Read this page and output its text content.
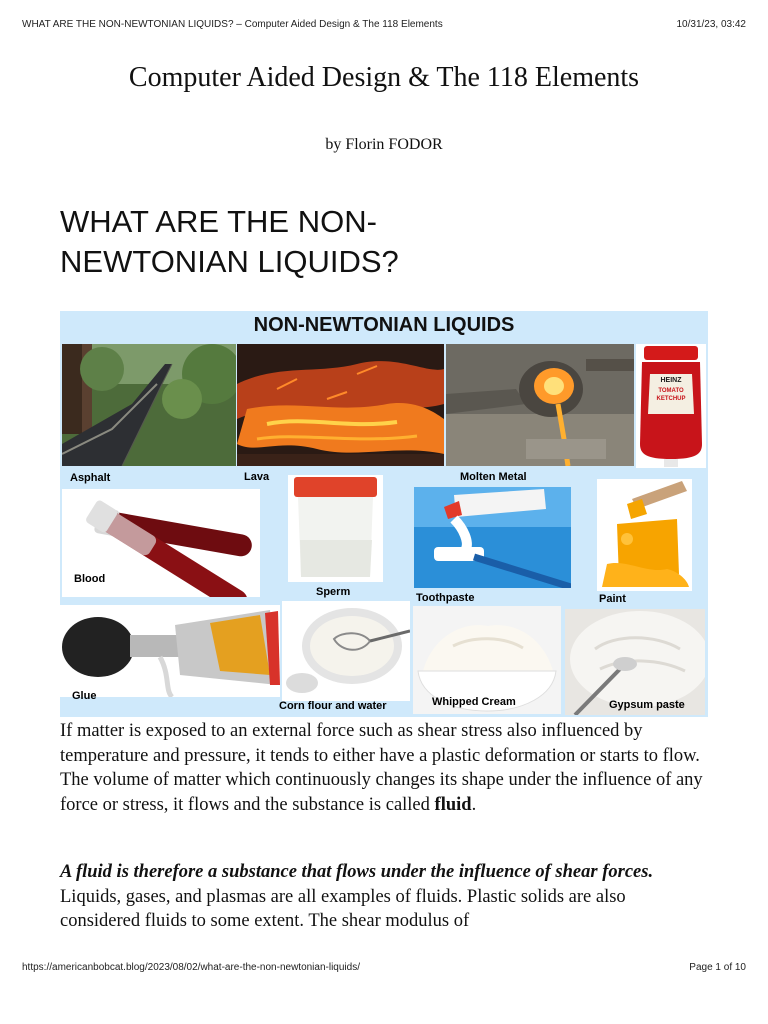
WHAT ARE THE NON-NEWTONIAN LIQUIDS? – Computer Aided Design & The 118 Elements	10/31/23, 03:42
Computer Aided Design & The 118 Elements
by Florin FODOR
WHAT ARE THE NON-NEWTONIAN LIQUIDS?
NON-NEWTONIAN LIQUIDS
HEINZ
TOMATO
KETCHUP
Asphalt	Lava	Molten Metal
Blood
Sperm	Toothpaste	Paint
Glue
Corn flour and water	Whipped Cream	Gypsum paste

If matter is exposed to an external force such as shear stress also influenced by temperature and pressure, it tends to either have a plastic deformation or starts to flow. The volume of matter which continuously changes its shape under the influence of any force or stress, it flows and the substance is called fluid.

A fluid is therefore a substance that flows under the influence of shear forces. Liquids, gases, and plasmas are all examples of fluids. Plastic solids are also considered fluids to some extent. The shear modulus of

https://americanbobcat.blog/2023/08/02/what-are-the-non-newtonian-liquids/	Page 1 of 10
